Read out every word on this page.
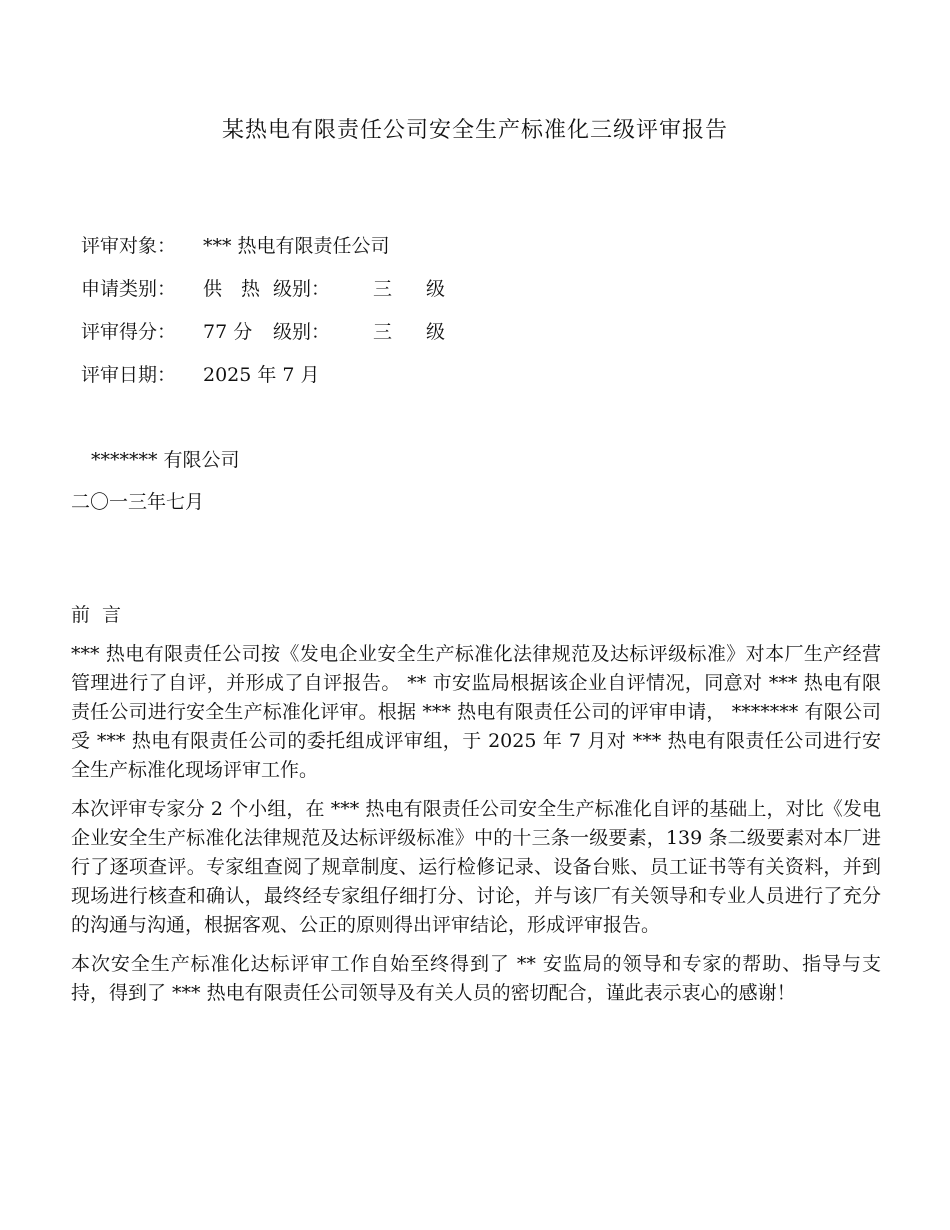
某热电有限责任公司安全生产标准化三级评审报告
评审对象： *** 热电有限责任公司
申请类别： 供　热 级别： 三 级
评审得分： 77 分 级别： 三 级
评审日期： 2025 年 7 月
******* 有限公司
二〇一三年七月
前言

*** 热电有限责任公司按《发电企业安全生产标准化法律规范及达标评级标准》对本厂生产经营管理进行了自评，并形成了自评报告。 ** 市安监局根据该企业自评情况，同意对 *** 热电有限责任公司进行安全生产标准化评审。根据 *** 热电有限责任公司的评审申请， ******* 有限公司受 *** 热电有限责任公司的委托组成评审组，于 2025 年 7 月对 *** 热电有限责任公司进行安全生产标准化现场评审工作。

本次评审专家分 2 个小组，在 *** 热电有限责任公司安全生产标准化自评的基础上，对比《发电企业安全生产标准化法律规范及达标评级标准》中的十三条一级要素，139 条二级要素对本厂进行了逐项查评。专家组查阅了规章制度、运行检修记录、设备台账、员工证书等有关资料，并到现场进行核查和确认，最终经专家组仔细打分、讨论，并与该厂有关领导和专业人员进行了充分的沟通与沟通，根据客观、公正的原则得出评审结论，形成评审报告。

本次安全生产标准化达标评审工作自始至终得到了 ** 安监局的领导和专家的帮助、指导与支持，得到了 *** 热电有限责任公司领导及有关人员的密切配合，谨此表示衷心的感谢！
